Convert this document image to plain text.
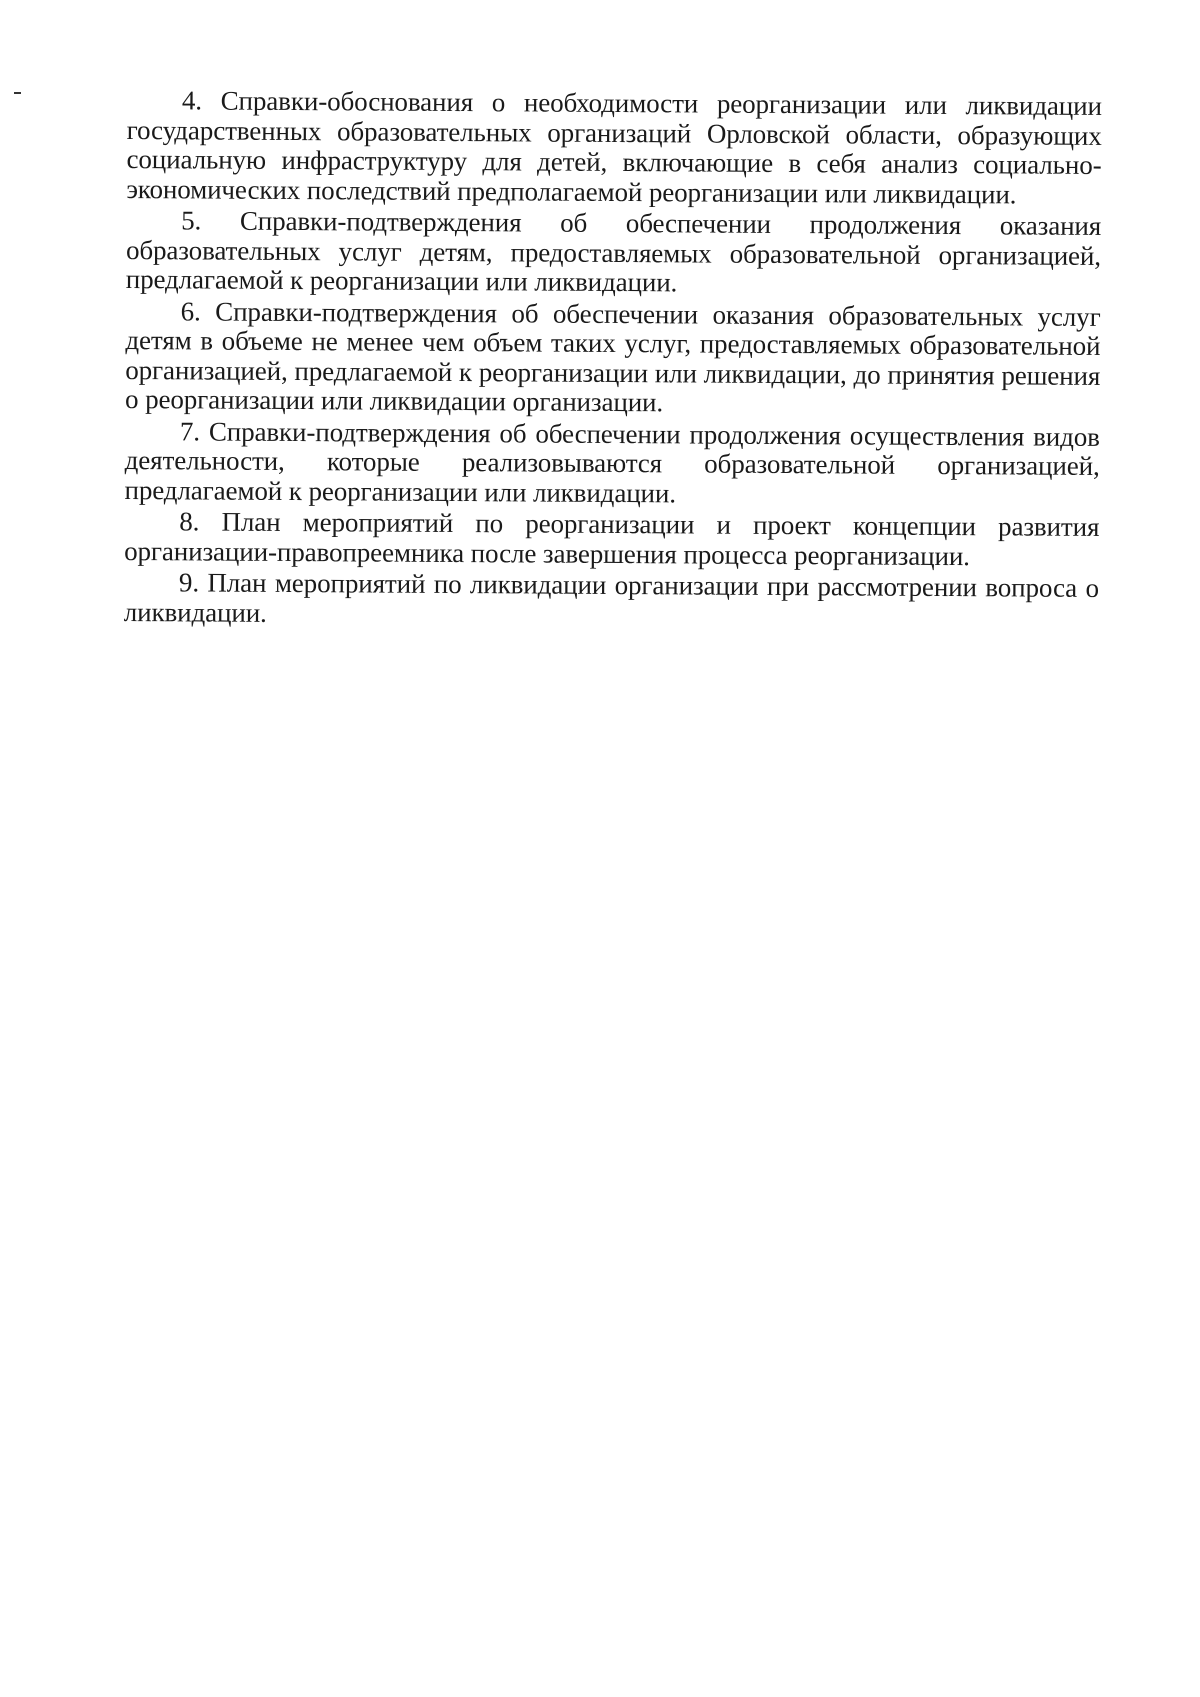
4. Справки-обоснования о необходимости реорганизации или ликвидации государственных образовательных организаций Орловской области, образующих социальную инфраструктуру для детей, включающие в себя анализ социально-экономических последствий предполагаемой реорганизации или ликвидации.

5. Справки-подтверждения об обеспечении продолжения оказания образовательных услуг детям, предоставляемых образовательной организацией, предлагаемой к реорганизации или ликвидации.

6. Справки-подтверждения об обеспечении оказания образовательных услуг детям в объеме не менее чем объем таких услуг, предоставляемых образовательной организацией, предлагаемой к реорганизации или ликвидации, до принятия решения о реорганизации или ликвидации организации.

7. Справки-подтверждения об обеспечении продолжения осуществления видов деятельности, которые реализовываются образовательной организацией, предлагаемой к реорганизации или ликвидации.

8. План мероприятий по реорганизации и проект концепции развития организации-правопреемника после завершения процесса реорганизации.

9. План мероприятий по ликвидации организации при рассмотрении вопроса о ликвидации.
